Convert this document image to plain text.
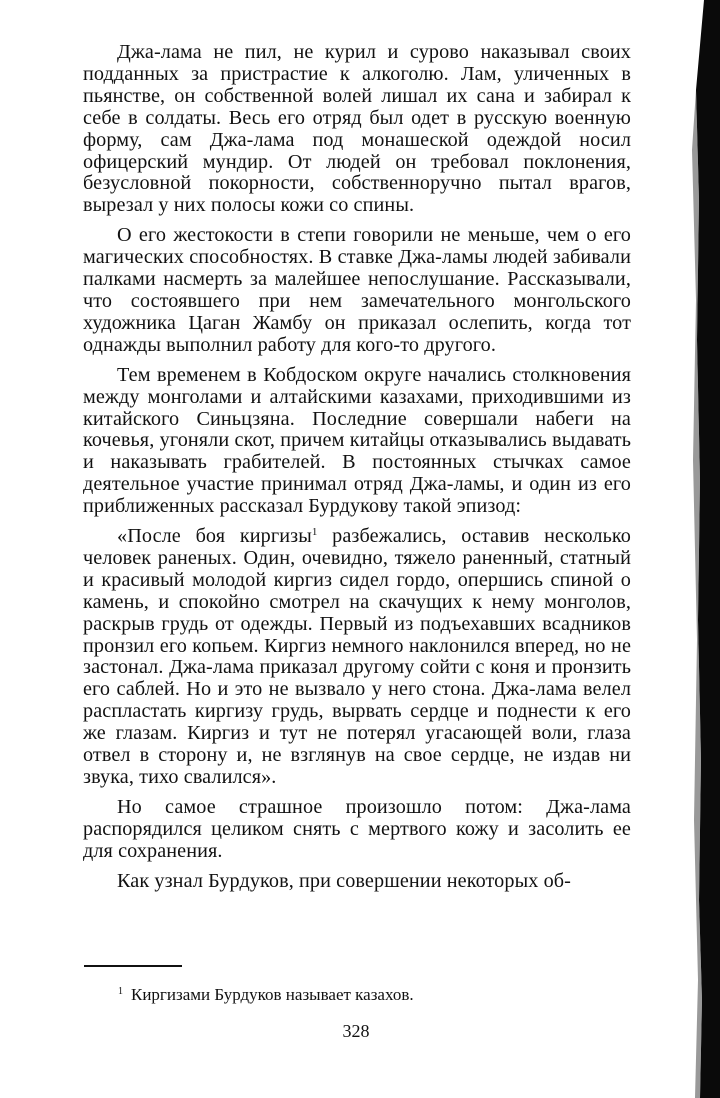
Джа-лама не пил, не курил и сурово наказывал своих подданных за пристрастие к алкоголю. Лам, уличенных в пьянстве, он собственной волей лишал их сана и забирал к себе в солдаты. Весь его отряд был одет в русскую военную форму, сам Джа-лама под монашеской одеждой носил офицерский мундир. От людей он требовал поклонения, безусловной покорности, собственноручно пытал врагов, вырезал у них полосы кожи со спины.

О его жестокости в степи говорили не меньше, чем о его магических способностях. В ставке Джа-ламы людей забивали палками насмерть за малейшее непослушание. Рассказывали, что состоявшего при нем замечательного монгольского художника Цаган Жамбу он приказал ослепить, когда тот однажды выполнил работу для кого-то другого.

Тем временем в Кобдоском округе начались столкновения между монголами и алтайскими казахами, приходившими из китайского Синьцзяна. Последние совершали набеги на кочевья, угоняли скот, причем китайцы отказывались выдавать и наказывать грабителей. В постоянных стычках самое деятельное участие принимал отряд Джа-ламы, и один из его приближенных рассказал Бурдукову такой эпизод:

«После боя киргизы$^1$ разбежались, оставив несколько человек раненых. Один, очевидно, тяжело раненный, статный и красивый молодой киргиз сидел гордо, опершись спиной о камень, и спокойно смотрел на скачущих к нему монголов, раскрыв грудь от одежды. Первый из подъехавших всадников пронзил его копьем. Киргиз немного наклонился вперед, но не застонал. Джа-лама приказал другому сойти с коня и пронзить его саблей. Но и это не вызвало у него стона. Джа-лама велел распластать киргизу грудь, вырвать сердце и поднести к его же глазам. Киргиз и тут не потерял угасающей воли, глаза отвел в сторону и, не взглянув на свое сердце, не издав ни звука, тихо свалился».

Но самое страшное произошло потом: Джа-лама распорядился целиком снять с мертвого кожу и засолить ее для сохранения.

Как узнал Бурдуков, при совершении некоторых об-

$^1$ Киргизами Бурдуков называет казахов.
328
